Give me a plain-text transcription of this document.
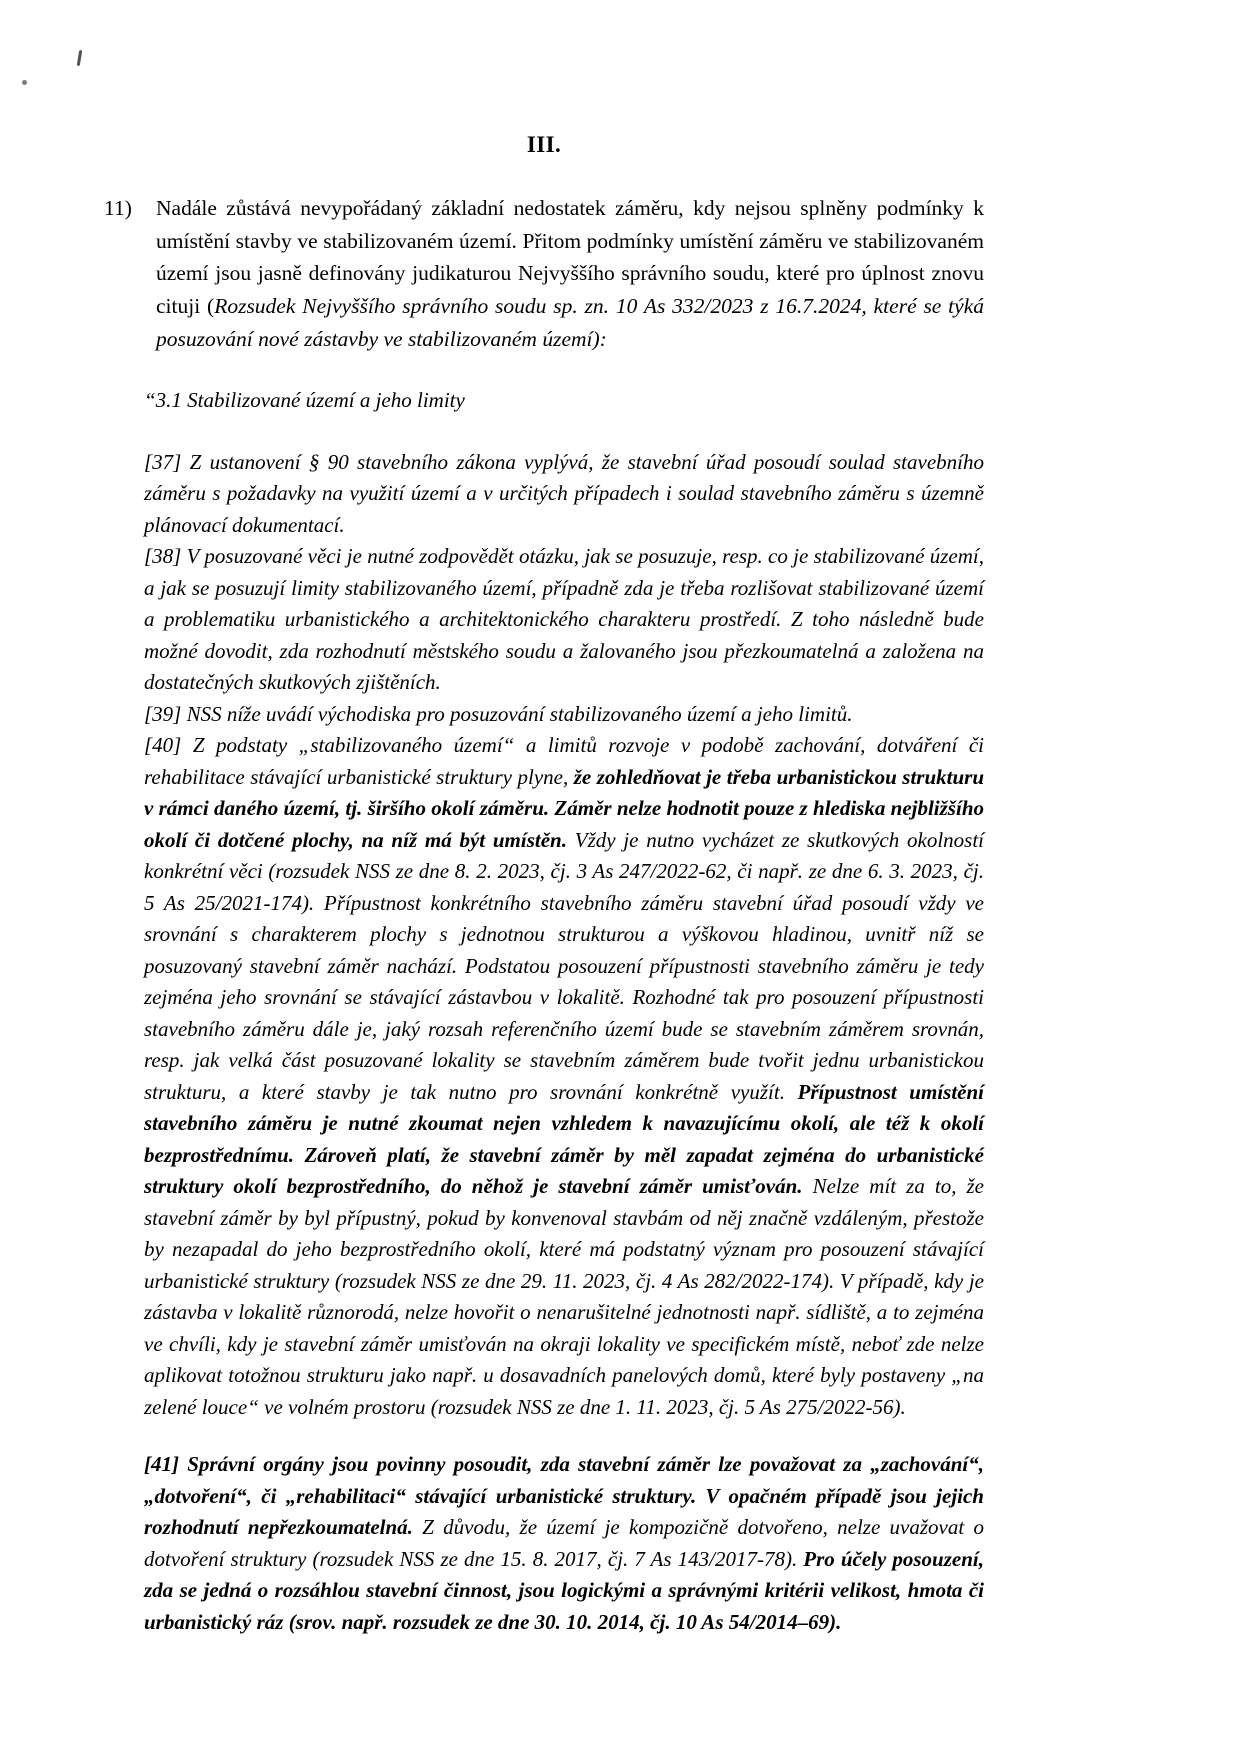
III.
11)	Nadále zůstává nevypořádaný základní nedostatek záměru, kdy nejsou splněny podmínky k umístění stavby ve stabilizovaném území. Přitom podmínky umístění záměru ve stabilizovaném území jsou jasně definovány judikaturou Nejvyššího správního soudu, které pro úplnost znovu cituji (Rozsudek Nejvyššího správního soudu sp. zn. 10 As 332/2023 z 16.7.2024, které se týká posuzování nové zástavby ve stabilizovaném území):
“3.1 Stabilizované území a jeho limity

[37] Z ustanovení § 90 stavebního zákona vyplývá, že stavební úřad posoudí soulad stavebního záměru s požadavky na využití území a v určitých případech i soulad stavebního záměru s územně plánovací dokumentací.

[38] V posuzované věci je nutné zodpovědět otázku, jak se posuzuje, resp. co je stabilizované území, a jak se posuzují limity stabilizovaného území, případně zda je třeba rozlišovat stabilizované území a problematiku urbanistického a architektonického charakteru prostředí. Z toho následně bude možné dovodit, zda rozhodnutí městského soudu a žalovaného jsou přezkoumatelná a založena na dostatečných skutkových zjištěních.

[39] NSS níže uvádí východiska pro posuzování stabilizovaného území a jeho limitů.

[40] Z podstaty „stabilizovaného území“ a limitů rozvoje v podobě zachování, dotváření či rehabilitace stávající urbanistické struktury plyne, že zohledňovat je třeba urbanistickou strukturu v rámci daného území, tj. širšího okolí záměru. Záměr nelze hodnotit pouze z hlediska nejbližšího okolí či dotčené plochy, na níž má být umístěn. Vždy je nutno vycházet ze skutkových okolností konkrétní věci (rozsudek NSS ze dne 8. 2. 2023, čj. 3 As 247/2022-62, či např. ze dne 6. 3. 2023, čj. 5 As 25/2021-174). Přípustnost konkrétního stavebního záměru stavební úřad posoudí vždy ve srovnání s charakterem plochy s jednotnou strukturou a výškovou hladinou, uvnitř níž se posuzovaný stavební záměr nachází. Podstatou posouzení přípustnosti stavebního záměru je tedy zejména jeho srovnání se stávající zástavbou v lokalitě. Rozhodné tak pro posouzení přípustnosti stavebního záměru dále je, jaký rozsah referenčního území bude se stavebním záměrem srovnán, resp. jak velká část posuzované lokality se stavebním záměrem bude tvořit jednu urbanistickou strukturu, a které stavby je tak nutno pro srovnání konkrétně využít. Přípustnost umístění stavebního záměru je nutné zkoumat nejen vzhledem k navazujícímu okolí, ale též k okolí bezprostřednímu. Zároveň platí, že stavební záměr by měl zapadat zejména do urbanistické struktury okolí bezprostředního, do něhož je stavební záměr umisťován. Nelze mít za to, že stavební záměr by byl přípustný, pokud by konvenoval stavbám od něj značně vzdáleným, přestože by nezapadal do jeho bezprostředního okolí, které má podstatný význam pro posouzení stávající urbanistické struktury (rozsudek NSS ze dne 29. 11. 2023, čj. 4 As 282/2022-174). V případě, kdy je zástavba v lokalitě různorodá, nelze hovořit o nenarušitelné jednotnosti např. sídliště, a to zejména ve chvíli, kdy je stavební záměr umisťován na okraji lokality ve specifickém místě, neboť zde nelze aplikovat totožnou strukturu jako např. u dosavadních panelových domů, které byly postaveny „na zelené louce“ ve volném prostoru (rozsudek NSS ze dne 1. 11. 2023, čj. 5 As 275/2022-56).

[41] Správní orgány jsou povinny posoudit, zda stavební záměr lze považovat za „zachování“, „dotvoření“, či „rehabilitaci“ stávající urbanistické struktury. V opačném případě jsou jejich rozhodnutí nepřezkoumatelná. Z důvodu, že území je kompozičně dotvořeno, nelze uvažovat o dotvoření struktury (rozsudek NSS ze dne 15. 8. 2017, čj. 7 As 143/2017-78). Pro účely posouzení, zda se jedná o rozsáhlou stavební činnost, jsou logickými a správnými kritérii velikost, hmota či urbanistický ráz (srov. např. rozsudek ze dne 30. 10. 2014, čj. 10 As 54/2014–69).
